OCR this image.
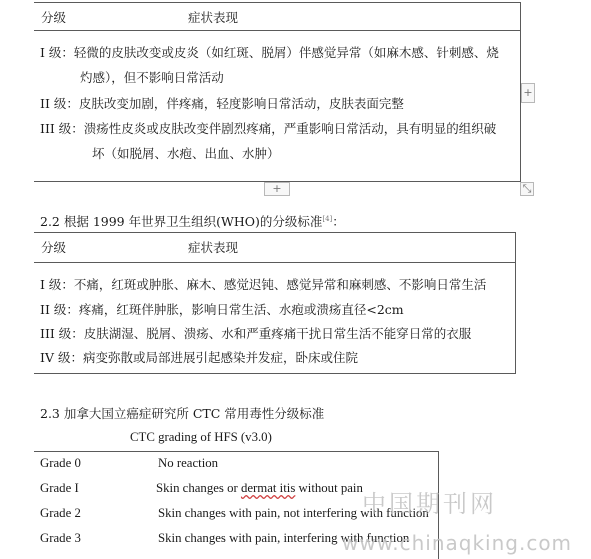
分级	症状表现
I 级：轻微的皮肤改变或皮炎（如红斑、脱屑）伴感觉异常（如麻木感、针刺感、烧
灼感），但不影响日常活动
II 级：皮肤改变加剧，伴疼痛，轻度影响日常活动，皮肤表面完整
III 级：溃疡性皮炎或皮肤改变伴剧烈疼痛，严重影响日常活动，具有明显的组织破
坏（如脱屑、水疱、出血、水肿）
+
+	⤡
2.2 根据 1999 年世界卫生组织(WHO)的分级标准[4]：
分级	症状表现
I 级：不痛，红斑或肿胀、麻木、感觉迟钝、感觉异常和麻刺感、不影响日常生活
II 级：疼痛，红斑伴肿胀，影响日常生活、水疱或溃疡直径<2cm
III 级：皮肤湖湿、脱屑、溃疡、水和严重疼痛干扰日常生活不能穿日常的衣服
IV 级：病变弥散或局部进展引起感染并发症，卧床或住院
2.3 加拿大国立癌症研究所 CTC 常用毒性分级标准
CTC grading of HFS (v3.0)
Grade 0	No reaction
Grade I	Skin changes or dermat itis without pain
Grade 2	Skin changes with pain, not interfering with function
Grade 3	Skin changes with pain, interfering with function
中国期刊网
www.chinaqking.com
